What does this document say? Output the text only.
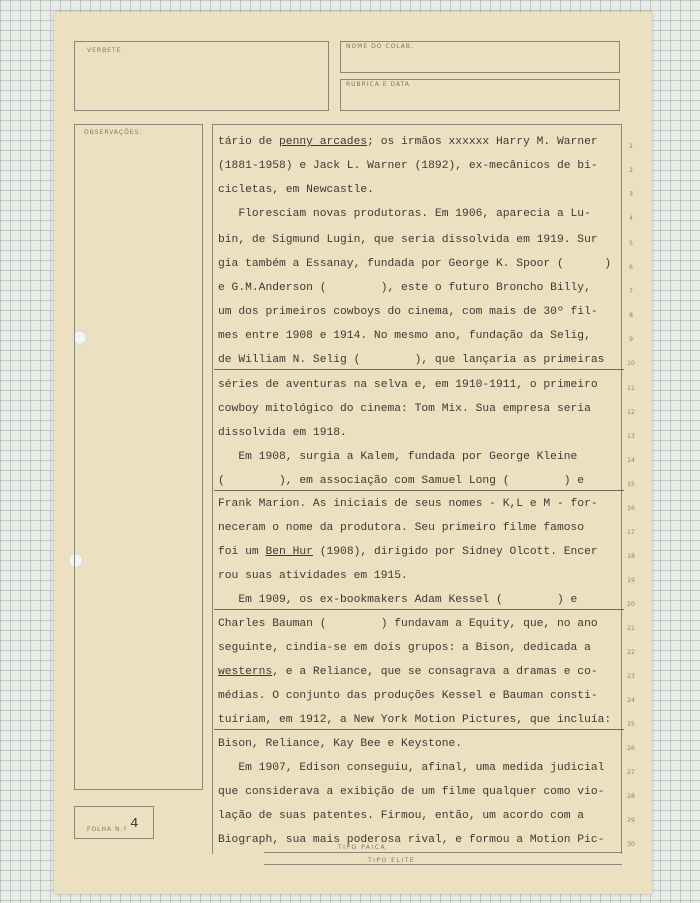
VERBETE
NOME DO COLAB.
RUBRICA E DATA
OBSERVAÇÕES:
FOLHA N.º 4
TIPO PAICA
TIPO ELITE
tário de penny arcades; os irmãos xxxxxx Harry M. Warner
(1881-1958) e Jack L. Warner (1892), ex-mecânicos de bi-
cicletas, em Newcastle.
Floresciam novas produtoras. Em 1906, aparecia a Lu-
bin, de Sigmund Lugin, que seria dissolvida em 1919. Sur
gia também a Essanay, fundada por George K. Spoor (      )
e G.M.Anderson (        ), este o futuro Broncho Billy,
um dos primeiros cowboys do cinema, com mais de 30º fil-
mes entre 1908 e 1914. No mesmo ano, fundação da Selig,
de William N. Selig (        ), que lançaria as primeiras
séries de aventuras na selva e, em 1910-1911, o primeiro
cowboy mitológico do cinema: Tom Mix. Sua empresa seria
dissolvida em 1918.
Em 1908, surgia a Kalem, fundada por George Kleine
(        ), em associação com Samuel Long (        ) e
Frank Marion. As iniciais de seus nomes - K,L e M - for-
neceram o nome da produtora. Seu primeiro filme famoso
foi um Ben Hur (1908), dirigido por Sidney Olcott. Encer
rou suas atividades em 1915.
Em 1909, os ex-bookmakers Adam Kessel (        ) e
Charles Bauman (        ) fundavam a Equity, que, no ano
seguinte, cindia-se em dois grupos: a Bison, dedicada a
westerns, e a Reliance, que se consagrava a dramas e co-
médias. O conjunto das produções Kessel e Bauman consti-
tuíriam, em 1912, a New York Motion Pictures, que incluía:
Bison, Reliance, Kay Bee e Keystone.
Em 1907, Edison conseguiu, afinal, uma medida judicial
que considerava a exibição de um filme qualquer como vio-
lação de suas patentes. Firmou, então, um acordo com a
Biograph, sua mais poderosa rival, e formou a Motion Pic-
1
2
3
4
5
6
7
8
9
10
11
12
13
14
15
16
17
18
19
20
21
22
23
24
25
26
27
28
29
30
